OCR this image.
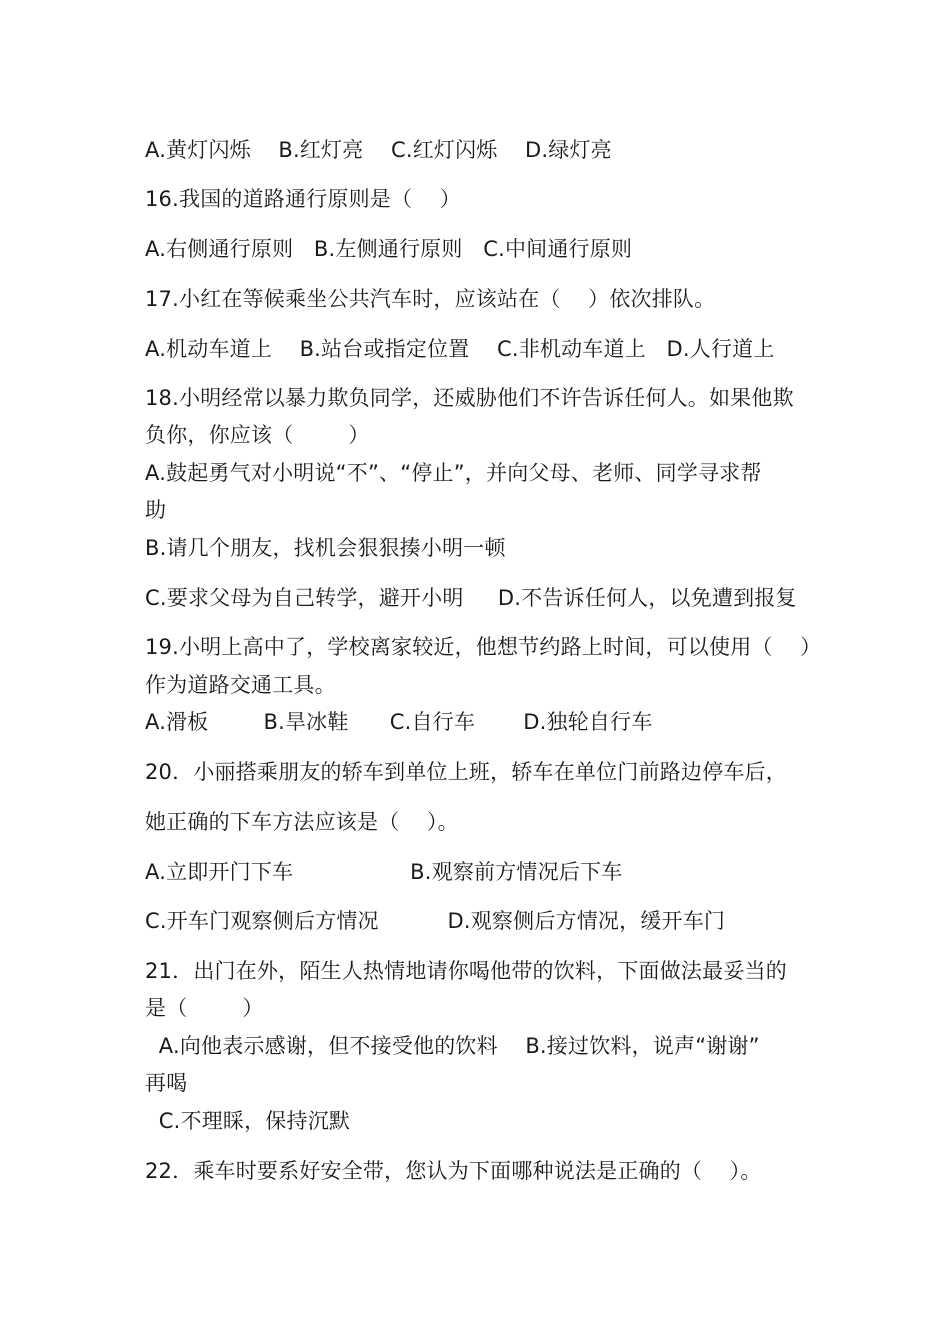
A.黄灯闪烁    B.红灯亮    C.红灯闪烁    D.绿灯亮
16.我国的道路通行原则是（    ）
A.右侧通行原则   B.左侧通行原则   C.中间通行原则
17.小红在等候乘坐公共汽车时，应该站在（    ）依次排队。
A.机动车道上    B.站台或指定位置    C.非机动车道上   D.人行道上
18.小明经常以暴力欺负同学，还威胁他们不许告诉任何人。如果他欺
负你，你应该（        ）
A.鼓起勇气对小明说“不”、“停止”，并向父母、老师、同学寻求帮
助
B.请几个朋友，找机会狠狠揍小明一顿
C.要求父母为自己转学，避开小明     D.不告诉任何人，以免遭到报复
19.小明上高中了，学校离家较近，他想节约路上时间，可以使用（    ）
作为道路交通工具。
A.滑板        B.旱冰鞋      C.自行车       D.独轮自行车
20．小丽搭乘朋友的轿车到单位上班，轿车在单位门前路边停车后，
她正确的下车方法应该是（    ）。
A.立即开门下车                 B.观察前方情况后下车
C.开车门观察侧后方情况          D.观察侧后方情况，缓开车门
21．出门在外，陌生人热情地请你喝他带的饮料，下面做法最妥当的
是（        ）
A.向他表示感谢，但不接受他的饮料    B.接过饮料，说声“谢谢”
再喝
C.不理睬，保持沉默
22．乘车时要系好安全带，您认为下面哪种说法是正确的（    ）。
